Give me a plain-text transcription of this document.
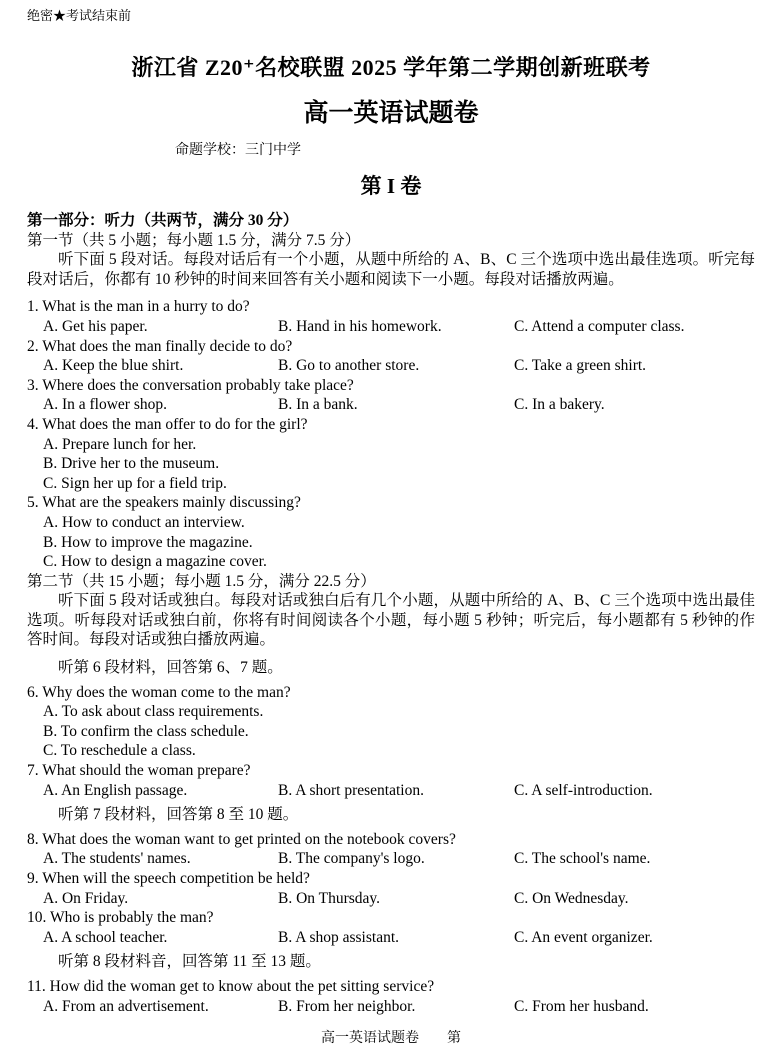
绝密★考试结束前
浙江省 Z20⁺名校联盟 2025 学年第二学期创新班联考
高一英语试题卷
命题学校：三门中学
第 I 卷
第一部分：听力（共两节，满分 30 分）
第一节（共 5 小题；每小题 1.5 分，满分 7.5 分）
听下面 5 段对话。每段对话后有一个小题，从题中所给的 A、B、C 三个选项中选出最佳选项。听完每段对话后，你都有 10 秒钟的时间来回答有关小题和阅读下一小题。每段对话播放两遍。
1. What is the man in a hurry to do?
A. Get his paper.	B. Hand in his homework.	C. Attend a computer class.
2. What does the man finally decide to do?
A. Keep the blue shirt.	B. Go to another store.	C. Take a green shirt.
3. Where does the conversation probably take place?
A. In a flower shop.	B. In a bank.	C. In a bakery.
4. What does the man offer to do for the girl?
A. Prepare lunch for her.
B. Drive her to the museum.
C. Sign her up for a field trip.
5. What are the speakers mainly discussing?
A. How to conduct an interview.
B. How to improve the magazine.
C. How to design a magazine cover.
第二节（共 15 小题；每小题 1.5 分，满分 22.5 分）
听下面 5 段对话或独白。每段对话或独白后有几个小题，从题中所给的 A、B、C 三个选项中选出最佳选项。听每段对话或独白前，你将有时间阅读各个小题，每小题 5 秒钟；听完后，每小题都有 5 秒钟的作答时间。每段对话或独白播放两遍。
听第 6 段材料，回答第 6、7 题。
6. Why does the woman come to the man?
A. To ask about class requirements.
B. To confirm the class schedule.
C. To reschedule a class.
7. What should the woman prepare?
A. An English passage.	B. A short presentation.	C. A self-introduction.
听第 7 段材料，回答第 8 至 10 题。
8. What does the woman want to get printed on the notebook covers?
A. The students' names.	B. The company's logo.	C. The school's name.
9. When will the speech competition be held?
A. On Friday.	B. On Thursday.	C. On Wednesday.
10. Who is probably the man?
A. A school teacher.	B. A shop assistant.	C. An event organizer.
听第 8 段材料音，回答第 11 至 13 题。
11. How did the woman get to know about the pet sitting service?
A. From an advertisement.	B. From her neighbor.	C. From her husband.
高一英语试题卷　　第
